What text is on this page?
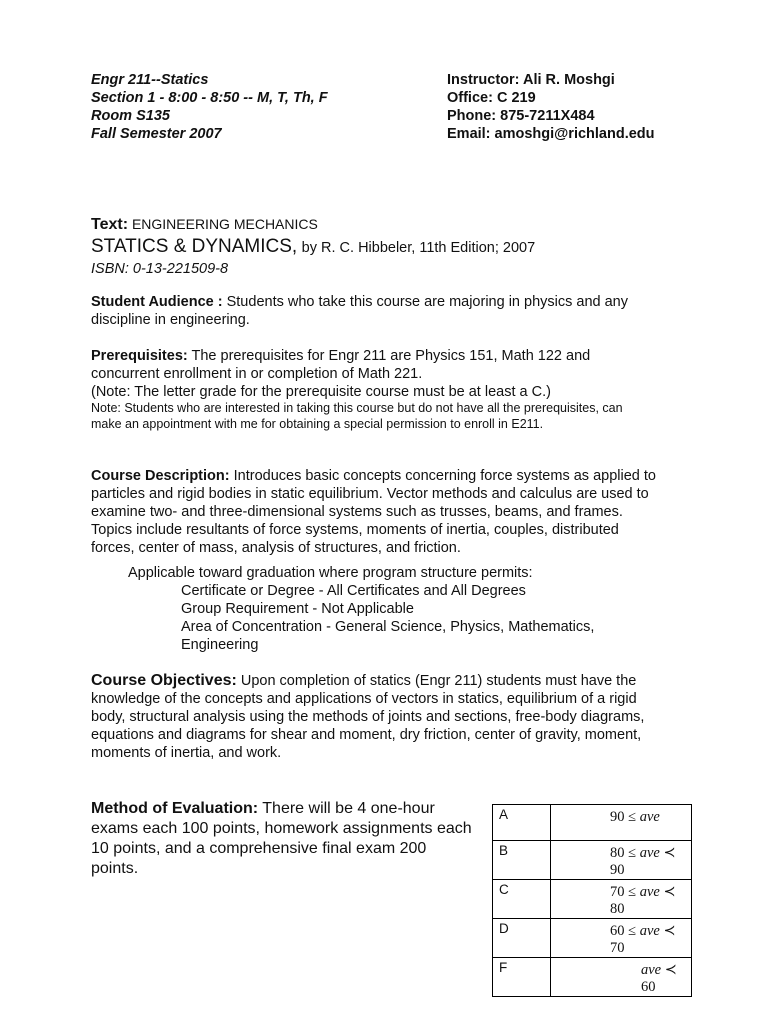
Engr 211--Statics
Section 1 - 8:00 - 8:50 -- M, T, Th, F
Room S135
Fall Semester 2007
Instructor: Ali R. Moshgi
Office: C 219
Phone: 875-7211X484
Email: amoshgi@richland.edu
Text: ENGINEERING MECHANICS
STATICS & DYNAMICS, by R. C. Hibbeler, 11th Edition; 2007
ISBN: 0-13-221509-8
Student Audience : Students who take this course are majoring in physics and any
discipline in engineering.
Prerequisites: The prerequisites for Engr 211 are Physics 151, Math 122 and
concurrent enrollment in or completion of Math 221.
(Note: The letter grade for the prerequisite course must be at least a C.)
Note: Students who are interested in taking this course but do not have all the prerequisites, can
make an appointment with me for obtaining a special permission to enroll in E211.
Course Description: Introduces basic concepts concerning force systems as applied to
particles and rigid bodies in static equilibrium. Vector methods and calculus are used to
examine two- and three-dimensional systems such as trusses, beams, and frames.
Topics include resultants of force systems, moments of inertia, couples, distributed
forces, center of mass, analysis of structures, and friction.
Applicable toward graduation where program structure permits:
Certificate or Degree - All Certificates and All Degrees
Group Requirement - Not Applicable
Area of Concentration - General Science, Physics, Mathematics,
Engineering
Course Objectives: Upon completion of statics (Engr 211) students must have the
knowledge of the concepts and applications of vectors in statics, equilibrium of a rigid
body, structural analysis using the methods of joints and sections, free-body diagrams,
equations and diagrams for shear and moment, dry friction, center of gravity, moment,
moments of inertia, and work.
Method of Evaluation: There will be 4 one-hour
exams each 100 points, homework assignments each
10 points, and a comprehensive final exam 200
points.
A	90 ≤ ave
B	80 ≤ ave ≺ 90
C	70 ≤ ave ≺ 80
D	60 ≤ ave ≺ 70
F	ave ≺ 60
